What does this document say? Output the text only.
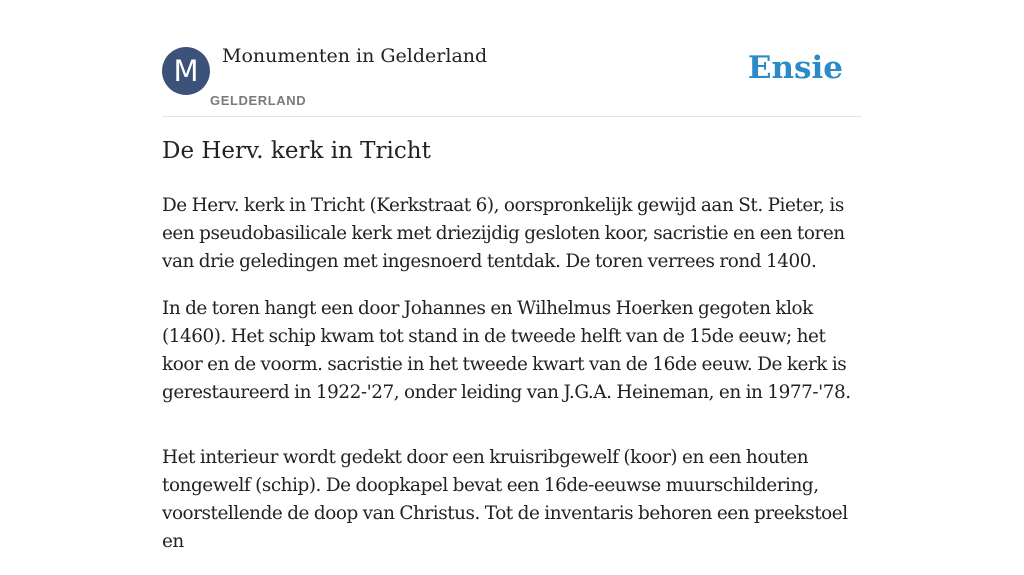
M	Monumenten in Gelderland
GELDERLAND
Ensie
De Herv. kerk in Tricht

De Herv. kerk in Tricht (Kerkstraat 6), oorspronkelijk gewijd aan St. Pieter, is een pseudobasilicale kerk met driezijdig gesloten koor, sacristie en een toren van drie geledingen met ingesnoerd tentdak. De toren verrees rond 1400.

In de toren hangt een door Johannes en Wilhelmus Hoerken gegoten klok (1460). Het schip kwam tot stand in de tweede helft van de 15de eeuw; het koor en de voorm. sacristie in het tweede kwart van de 16de eeuw. De kerk is gerestaureerd in 1922-'27, onder leiding van J.G.A. Heineman, en in 1977-'78.

Het interieur wordt gedekt door een kruisribgewelf (koor) en een houten tongewelf (schip). De doopkapel bevat een 16de-eeuwse muurschildering, voorstellende de doop van Christus. Tot de inventaris behoren een preekstoel en
